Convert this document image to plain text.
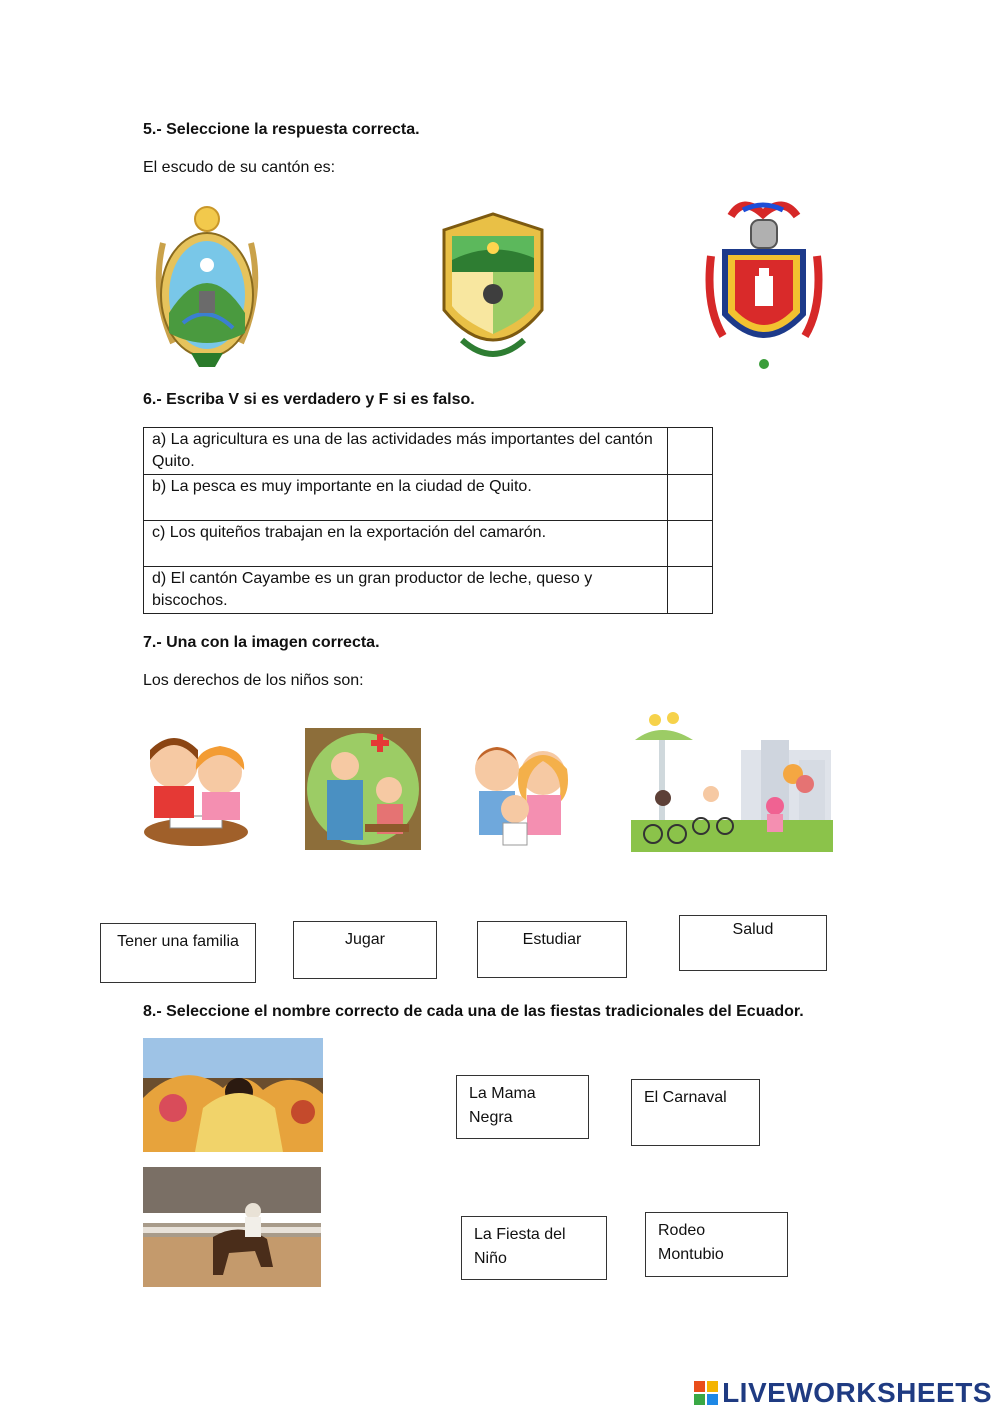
5.- Seleccione la respuesta correcta.
El escudo de su cantón es:
6.- Escriba V si es verdadero y F si es falso.
a) La agricultura es una de las actividades más importantes del cantón Quito.	
b) La pesca es muy importante en la ciudad de Quito.	
c) Los quiteños trabajan en la exportación del camarón.	
d) El cantón Cayambe es un gran productor de leche, queso y biscochos.	
7.- Una con la imagen correcta.
Los derechos de los niños son:
Tener una familia	Jugar	Estudiar
Salud
8.- Seleccione el nombre correcto de cada una de las fiestas tradicionales del Ecuador.
La Mama Negra
El Carnaval
La Fiesta del Niño
Rodeo Montubio
LIVEWORKSHEETS
